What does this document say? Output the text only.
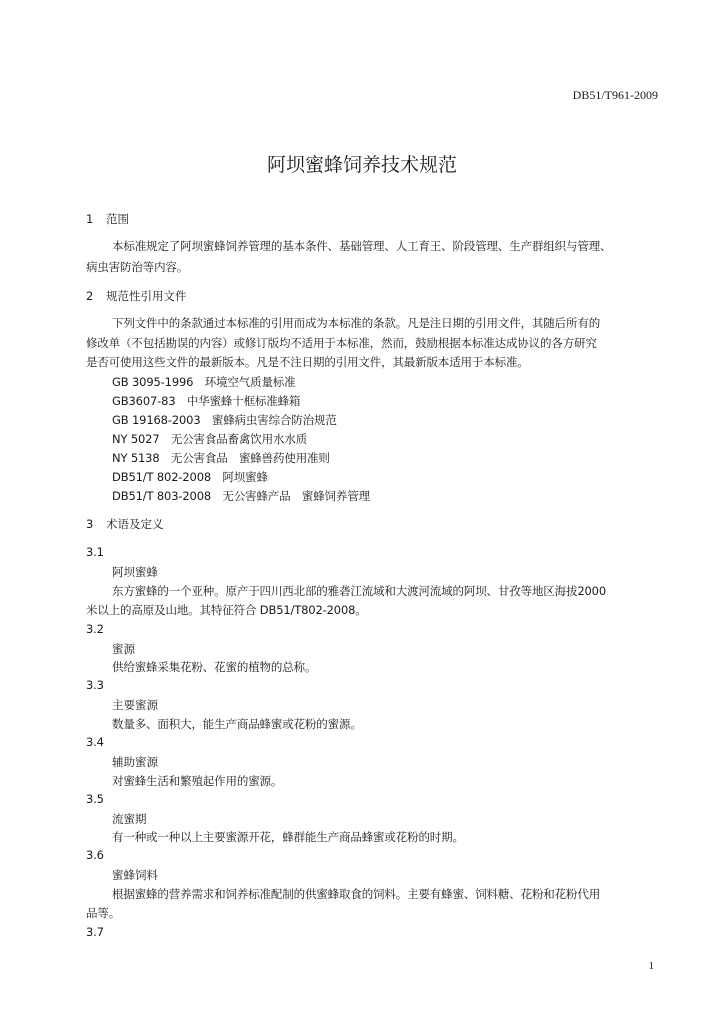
DB51/T961-2009
阿坝蜜蜂饲养技术规范
1 范围
本标准规定了阿坝蜜蜂饲养管理的基本条件、基础管理、人工育王、阶段管理、生产群组织与管理、
病虫害防治等内容。
2 规范性引用文件
下列文件中的条款通过本标准的引用而成为本标准的条款。凡是注日期的引用文件，其随后所有的
修改单（不包括勘误的内容）或修订版均不适用于本标准，然而，鼓励根据本标准达成协议的各方研究
是否可使用这些文件的最新版本。凡是不注日期的引用文件，其最新版本适用于本标准。
GB 3095-1996　环境空气质量标准
GB3607-83　中华蜜蜂十框标准蜂箱
GB 19168-2003　蜜蜂病虫害综合防治规范
NY 5027　无公害食品畜禽饮用水水质
NY 5138　无公害食品　蜜蜂兽药使用准则
DB51/T 802-2008　阿坝蜜蜂
DB51/T 803-2008　无公害蜂产品　蜜蜂饲养管理
3 术语及定义
3.1
阿坝蜜蜂
东方蜜蜂的一个亚种。原产于四川西北部的雅砻江流域和大渡河流域的阿坝、甘孜等地区海拔2000
米以上的高原及山地。其特征符合 DB51/T802-2008。
3.2
蜜源
供给蜜蜂采集花粉、花蜜的植物的总称。
3.3
主要蜜源
数量多、面积大，能生产商品蜂蜜或花粉的蜜源。
3.4
辅助蜜源
对蜜蜂生活和繁殖起作用的蜜源。
3.5
流蜜期
有一种或一种以上主要蜜源开花，蜂群能生产商品蜂蜜或花粉的时期。
3.6
蜜蜂饲料
根据蜜蜂的营养需求和饲养标准配制的供蜜蜂取食的饲料。主要有蜂蜜、饲料糖、花粉和花粉代用
品等。
3.7
1
